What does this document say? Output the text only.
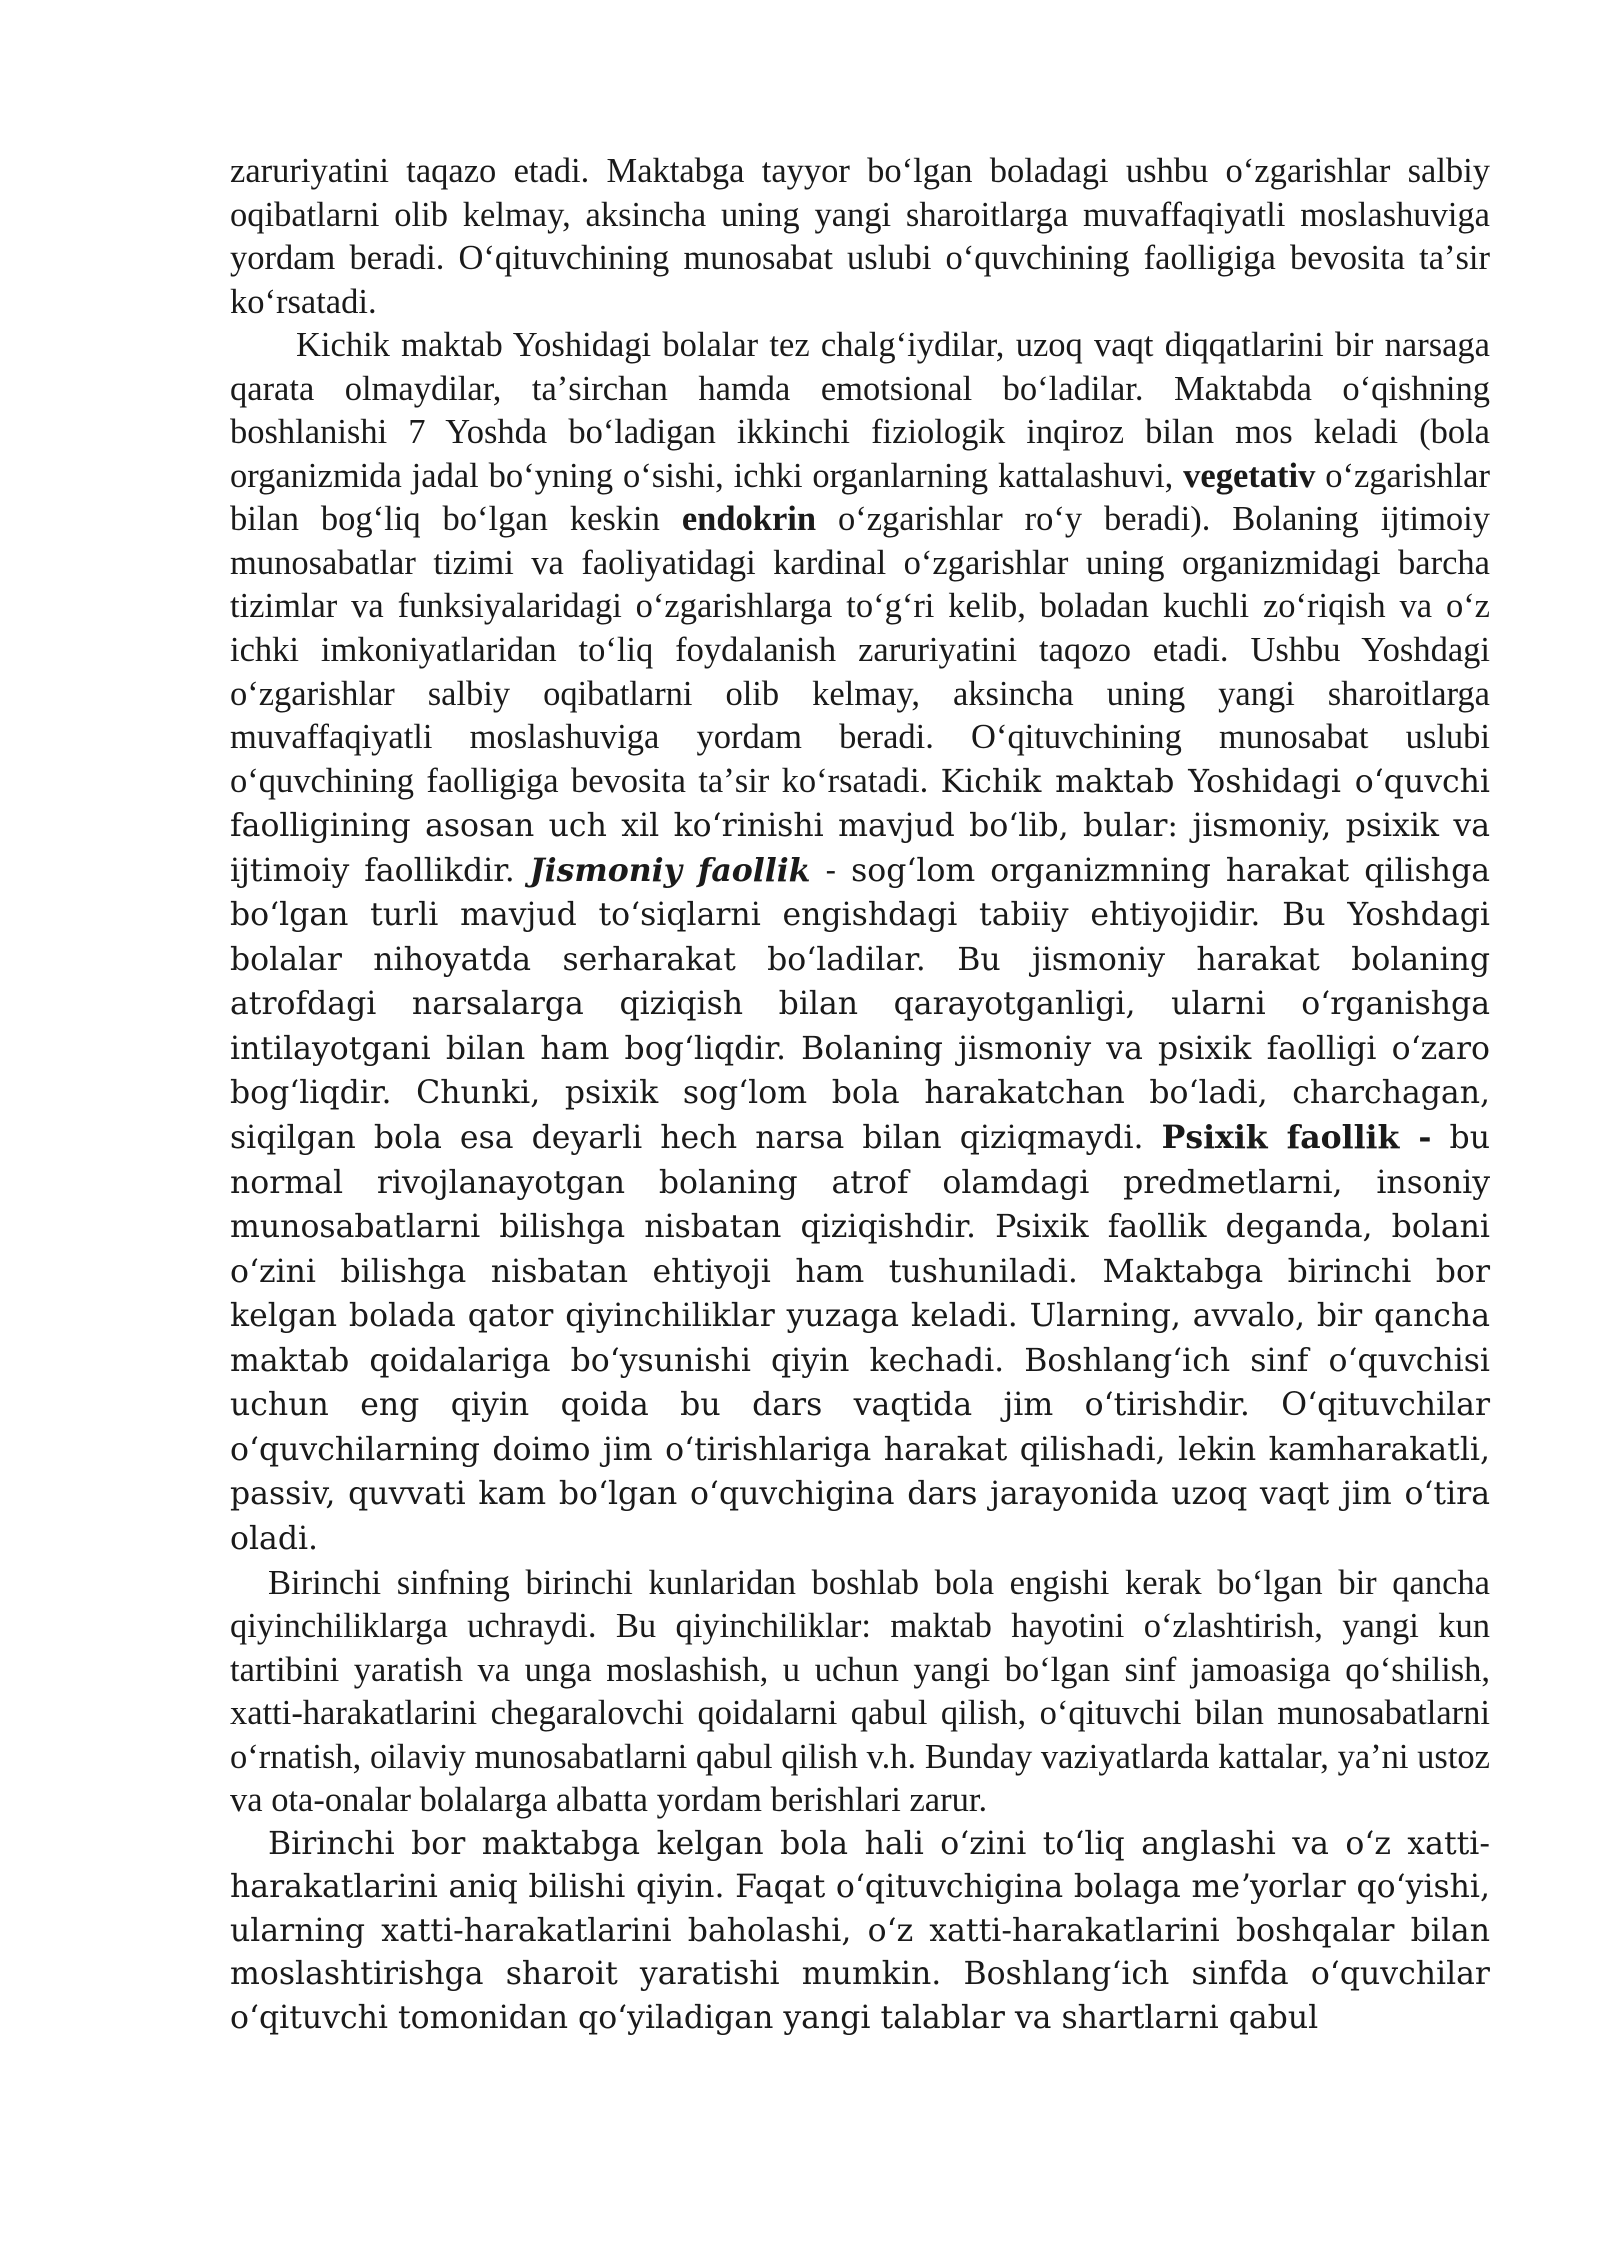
zaruriyatini taqazo etadi. Maktabga tayyor boʻlgan boladagi ushbu oʻzgarishlar salbiy oqibatlarni olib kelmay, aksincha uning yangi sharoitlarga muvaffaqiyatli moslashuviga yordam beradi. Oʻqituvchining munosabat uslubi oʻquvchining faolligiga bevosita taʼsir koʻrsatadi.

Kichik maktab Yoshidagi bolalar tez chalgʻiydilar, uzoq vaqt diqqatlarini bir narsaga qarata olmaydilar, taʼsirchan hamda emotsional boʻladilar. Maktabda oʻqishning boshlanishi 7 Yoshda boʻladigan ikkinchi fiziologik inqiroz bilan mos keladi (bola organizmida jadal boʻyning oʻsishi, ichki organlarning kattalashuvi, vegetativ oʻzgarishlar bilan bogʻliq boʻlgan keskin endokrin oʻzgarishlar roʻy beradi). Bolaning ijtimoiy munosabatlar tizimi va faoliyatidagi kardinal oʻzgarishlar uning organizmidagi barcha tizimlar va funksiyalaridagi oʻzgarishlarga toʻgʻri kelib, boladan kuchli zoʻriqish va oʻz ichki imkoniyatlaridan toʻliq foydalanish zaruriyatini taqozo etadi. Ushbu Yoshdagi oʻzgarishlar salbiy oqibatlarni olib kelmay, aksincha uning yangi sharoitlarga muvaffaqiyatli moslashuviga yordam beradi. Oʻqituvchining munosabat uslubi oʻquvchining faolligiga bevosita taʼsir koʻrsatadi. Kichik maktab Yoshidagi oʻquvchi faolligining asosan uch xil koʻrinishi mavjud boʻlib, bular: jismoniy, psixik va ijtimoiy faollikdir. Jismoniy faollik - sogʻlom organizmning harakat qilishga boʻlgan turli mavjud toʻsiqlarni engishdagi tabiiy ehtiyojidir. Bu Yoshdagi bolalar nihoyatda serharakat boʻladilar. Bu jismoniy harakat bolaning atrofdagi narsalarga qiziqish bilan qarayotganligi, ularni oʻrganishga intilayotgani bilan ham bogʻliqdir. Bolaning jismoniy va psixik faolligi oʻzaro bogʻliqdir. Chunki, psixik sogʻlom bola harakatchan boʻladi, charchagan, siqilgan bola esa deyarli hech narsa bilan qiziqmaydi. Psixik faollik - bu normal rivojlanayotgan bolaning atrof olamdagi predmetlarni, insoniy munosabatlarni bilishga nisbatan qiziqishdir. Psixik faollik deganda, bolani oʻzini bilishga nisbatan ehtiyoji ham tushuniladi. Maktabga birinchi bor kelgan bolada qator qiyinchiliklar yuzaga keladi. Ularning, avvalo, bir qancha maktab qoidalariga boʻysunishi qiyin kechadi. Boshlangʻich sinf oʻquvchisi uchun eng qiyin qoida bu dars vaqtida jim oʻtirishdir. Oʻqituvchilar oʻquvchilarning doimo jim oʻtirishlariga harakat qilishadi, lekin kamharakatli, passiv, quvvati kam boʻlgan oʻquvchigina dars jarayonida uzoq vaqt jim oʻtira oladi.

Birinchi sinfning birinchi kunlaridan boshlab bola engishi kerak boʻlgan bir qancha qiyinchiliklarga uchraydi. Bu qiyinchiliklar: maktab hayotini oʻzlashtirish, yangi kun tartibini yaratish va unga moslashish, u uchun yangi boʻlgan sinf jamoasiga qoʻshilish, xatti-harakatlarini chegaralovchi qoidalarni qabul qilish, oʻqituvchi bilan munosabatlarni oʻrnatish, oilaviy munosabatlarni qabul qilish v.h. Bunday vaziyatlarda kattalar, yaʼni ustoz va ota-onalar bolalarga albatta yordam berishlari zarur.

Birinchi bor maktabga kelgan bola hali oʻzini toʻliq anglashi va oʻz xatti-harakatlarini aniq bilishi qiyin. Faqat oʻqituvchigina bolaga meʼyorlar qoʻyishi, ularning xatti-harakatlarini baholashi, oʻz xatti-harakatlarini boshqalar bilan moslashtirishga sharoit yaratishi mumkin. Boshlangʻich sinfda oʻquvchilar oʻqituvchi tomonidan qoʻyiladigan yangi talablar va shartlarni qabul
